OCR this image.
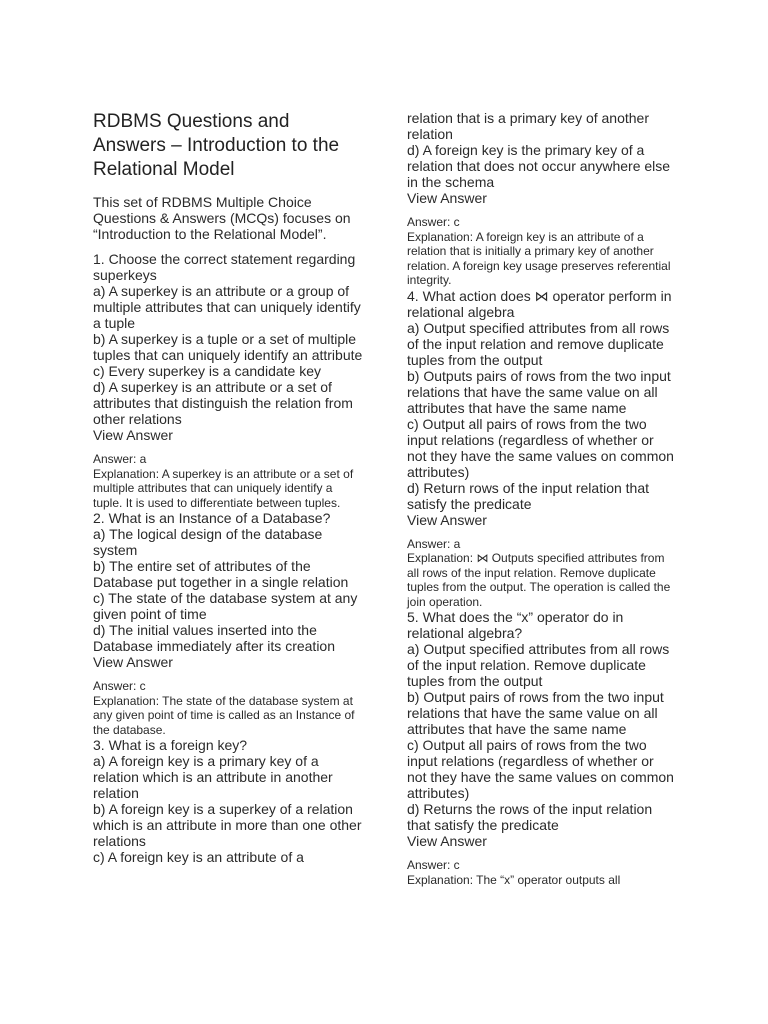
RDBMS Questions and Answers – Introduction to the Relational Model

This set of RDBMS Multiple Choice Questions & Answers (MCQs) focuses on “Introduction to the Relational Model”.

1. Choose the correct statement regarding superkeys
a) A superkey is an attribute or a group of multiple attributes that can uniquely identify a tuple
b) A superkey is a tuple or a set of multiple tuples that can uniquely identify an attribute
c) Every superkey is a candidate key
d) A superkey is an attribute or a set of attributes that distinguish the relation from other relations
View Answer
Answer: a
Explanation: A superkey is an attribute or a set of multiple attributes that can uniquely identify a tuple. It is used to differentiate between tuples.
2. What is an Instance of a Database?
a) The logical design of the database system
b) The entire set of attributes of the Database put together in a single relation
c) The state of the database system at any given point of time
d) The initial values inserted into the Database immediately after its creation
View Answer
Answer: c
Explanation: The state of the database system at any given point of time is called as an Instance of the database.
3. What is a foreign key?
a) A foreign key is a primary key of a relation which is an attribute in another relation
b) A foreign key is a superkey of a relation which is an attribute in more than one other relations
c) A foreign key is an attribute of a
relation that is a primary key of another relation
d) A foreign key is the primary key of a relation that does not occur anywhere else in the schema
View Answer
Answer: c
Explanation: A foreign key is an attribute of a relation that is initially a primary key of another relation. A foreign key usage preserves referential integrity.
4. What action does ⋈ operator perform in relational algebra
a) Output specified attributes from all rows of the input relation and remove duplicate tuples from the output
b) Outputs pairs of rows from the two input relations that have the same value on all attributes that have the same name
c) Output all pairs of rows from the two input relations (regardless of whether or not they have the same values on common attributes)
d) Return rows of the input relation that satisfy the predicate
View Answer
Answer: a
Explanation: ⋈ Outputs specified attributes from all rows of the input relation. Remove duplicate tuples from the output. The operation is called the join operation.
5. What does the “x” operator do in relational algebra?
a) Output specified attributes from all rows of the input relation. Remove duplicate tuples from the output
b) Output pairs of rows from the two input relations that have the same value on all attributes that have the same name
c) Output all pairs of rows from the two input relations (regardless of whether or not they have the same values on common attributes)
d) Returns the rows of the input relation that satisfy the predicate
View Answer
Answer: c
Explanation: The “x” operator outputs all
